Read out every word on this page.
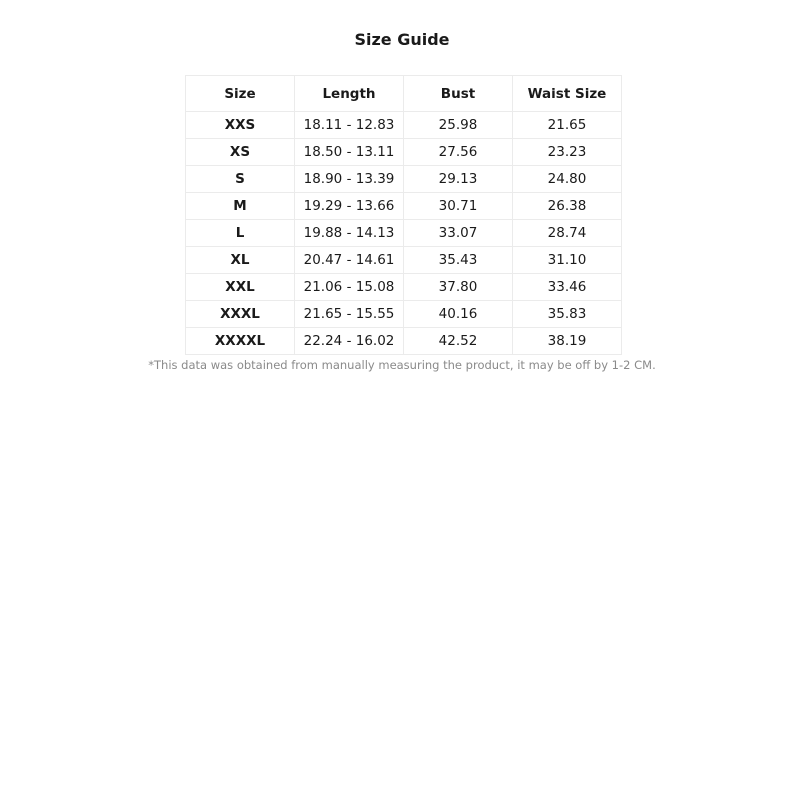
Size Guide
Size	Length	Bust	Waist Size
XXS	18.11 - 12.83	25.98	21.65
XS	18.50 - 13.11	27.56	23.23
S	18.90 - 13.39	29.13	24.80
M	19.29 - 13.66	30.71	26.38
L	19.88 - 14.13	33.07	28.74
XL	20.47 - 14.61	35.43	31.10
XXL	21.06 - 15.08	37.80	33.46
XXXL	21.65 - 15.55	40.16	35.83
XXXXL	22.24 - 16.02	42.52	38.19
*This data was obtained from manually measuring the product, it may be off by 1-2 CM.
